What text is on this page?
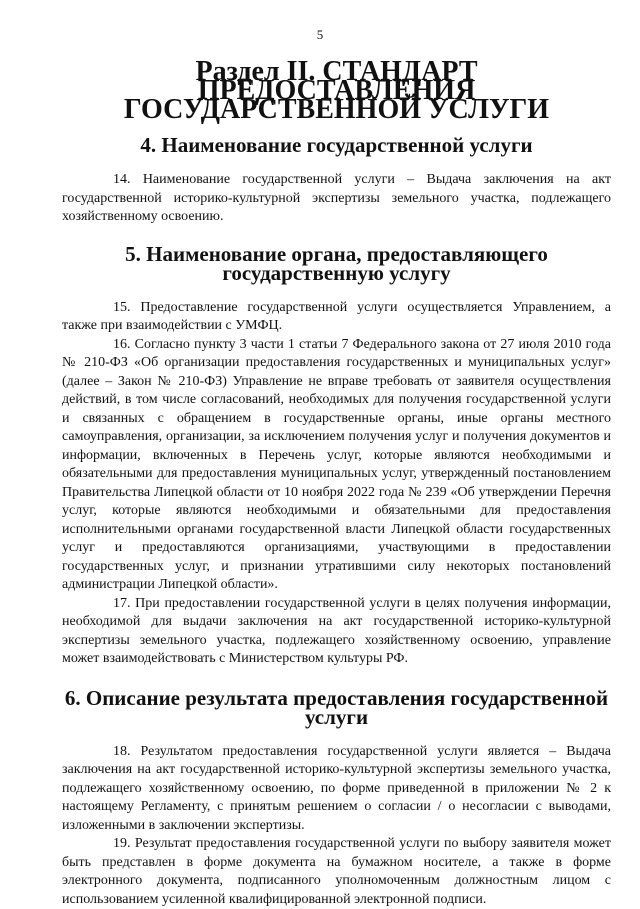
5
Раздел II. СТАНДАРТ ПРЕДОСТАВЛЕНИЯ ГОСУДАРСТВЕННОЙ УСЛУГИ
4. Наименование государственной услуги

14. Наименование государственной услуги – Выдача заключения на акт государственной историко-культурной экспертизы земельного участка, подлежащего хозяйственному освоению.

5. Наименование органа, предоставляющего государственную услугу

15. Предоставление государственной услуги осуществляется Управлением, а также при взаимодействии с УМФЦ.

16. Согласно пункту 3 части 1 статьи 7 Федерального закона от 27 июля 2010 года № 210-ФЗ «Об организации предоставления государственных и муниципальных услуг» (далее – Закон № 210-ФЗ) Управление не вправе требовать от заявителя осуществления действий, в том числе согласований, необходимых для получения государственной услуги и связанных с обращением в государственные органы, иные органы местного самоуправления, организации, за исключением получения услуг и получения документов и информации, включенных в Перечень услуг, которые являются необходимыми и обязательными для предоставления муниципальных услуг, утвержденный постановлением Правительства Липецкой области от 10 ноября 2022 года № 239 «Об утверждении Перечня услуг, которые являются необходимыми и обязательными для предоставления исполнительными органами государственной власти Липецкой области государственных услуг и предоставляются организациями, участвующими в предоставлении государственных услуг, и признании утратившими силу некоторых постановлений администрации Липецкой области».

17. При предоставлении государственной услуги в целях получения информации, необходимой для выдачи заключения на акт государственной историко-культурной экспертизы земельного участка, подлежащего хозяйственному освоению, управление может взаимодействовать с Министерством культуры РФ.

6. Описание результата предоставления государственной услуги

18. Результатом предоставления государственной услуги является – Выдача заключения на акт государственной историко-культурной экспертизы земельного участка, подлежащего хозяйственному освоению, по форме приведенной в приложении № 2 к настоящему Регламенту, с принятым решением о согласии / о несогласии с выводами, изложенными в заключении экспертизы.

19. Результат предоставления государственной услуги по выбору заявителя может быть представлен в форме документа на бумажном носителе, а также в форме электронного документа, подписанного уполномоченным должностным лицом с использованием усиленной квалифицированной электронной подписи.
